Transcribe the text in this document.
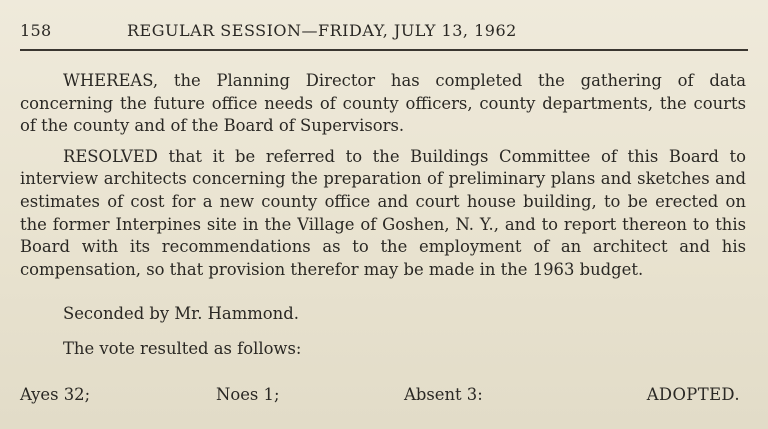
158	REGULAR SESSION—FRIDAY, JULY 13, 1962

WHEREAS, the Planning Director has completed the gathering of data concerning the future office needs of county officers, county departments, the courts of the county and of the Board of Supervisors.

RESOLVED that it be referred to the Buildings Committee of this Board to interview architects concerning the preparation of preliminary plans and sketches and estimates of cost for a new county office and court house building, to be erected on the former Interpines site in the Village of Goshen, N. Y., and to report thereon to this Board with its recommendations as to the employment of an architect and his compensation, so that provision therefor may be made in the 1963 budget.

Seconded by Mr. Hammond.

The vote resulted as follows:

Ayes 32;	Noes 1;	Absent 3:	ADOPTED.
